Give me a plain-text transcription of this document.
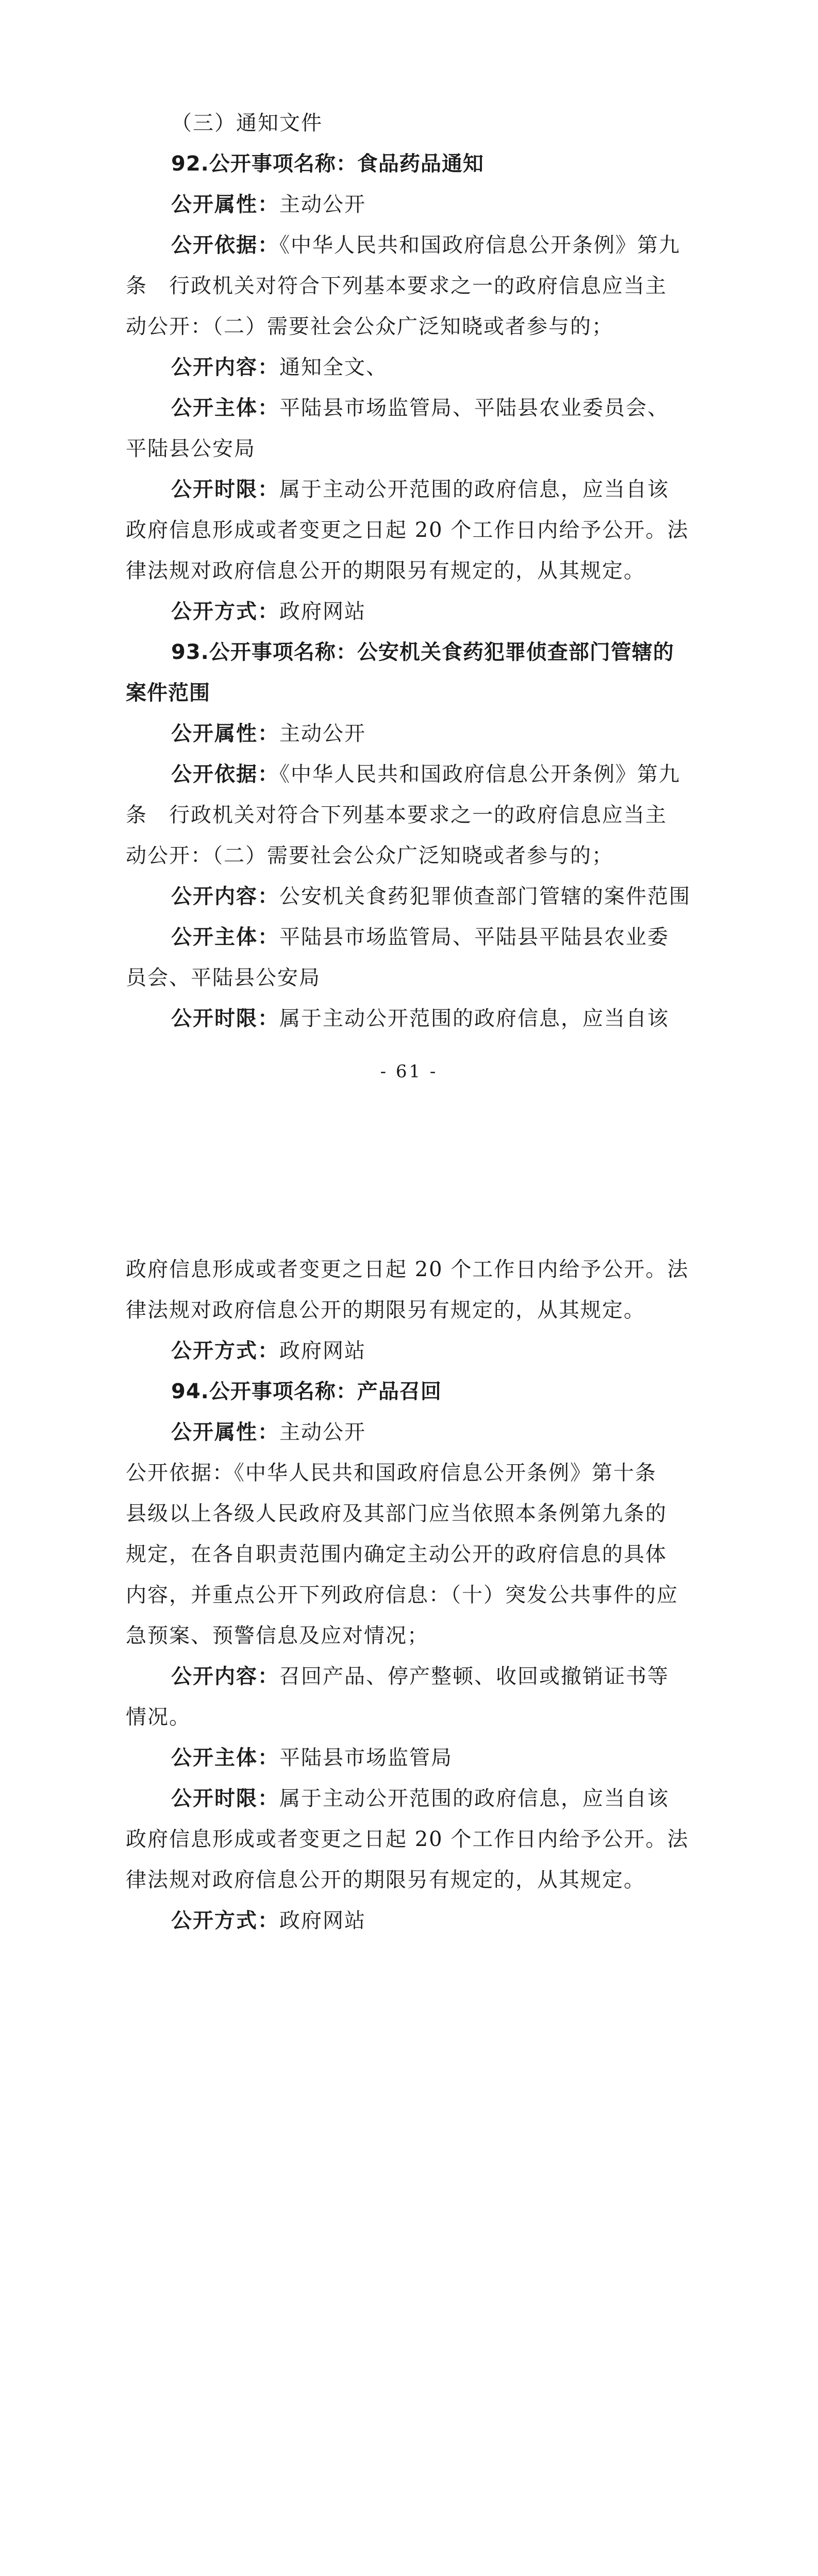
（三）通知文件
92.公开事项名称：食品药品通知
公开属性：主动公开
公开依据：《中华人民共和国政府信息公开条例》第九
条　行政机关对符合下列基本要求之一的政府信息应当主
动公开：（二）需要社会公众广泛知晓或者参与的；
公开内容：通知全文、
公开主体：平陆县市场监管局、平陆县农业委员会、
平陆县公安局
公开时限：属于主动公开范围的政府信息，应当自该
政府信息形成或者变更之日起 20 个工作日内给予公开。法
律法规对政府信息公开的期限另有规定的，从其规定。
公开方式：政府网站
93.公开事项名称：公安机关食药犯罪侦查部门管辖的
案件范围
公开属性：主动公开
公开依据：《中华人民共和国政府信息公开条例》第九
条　行政机关对符合下列基本要求之一的政府信息应当主
动公开：（二）需要社会公众广泛知晓或者参与的；
公开内容：公安机关食药犯罪侦查部门管辖的案件范围
公开主体：平陆县市场监管局、平陆县平陆县农业委
员会、平陆县公安局
公开时限：属于主动公开范围的政府信息，应当自该
- 61 -
政府信息形成或者变更之日起 20 个工作日内给予公开。法
律法规对政府信息公开的期限另有规定的，从其规定。
公开方式：政府网站
94.公开事项名称：产品召回
公开属性：主动公开
公开依据：《中华人民共和国政府信息公开条例》第十条
县级以上各级人民政府及其部门应当依照本条例第九条的
规定，在各自职责范围内确定主动公开的政府信息的具体
内容，并重点公开下列政府信息：（十）突发公共事件的应
急预案、预警信息及应对情况；
公开内容：召回产品、停产整顿、收回或撤销证书等
情况。
公开主体：平陆县市场监管局
公开时限：属于主动公开范围的政府信息，应当自该
政府信息形成或者变更之日起 20 个工作日内给予公开。法
律法规对政府信息公开的期限另有规定的，从其规定。
公开方式：政府网站
